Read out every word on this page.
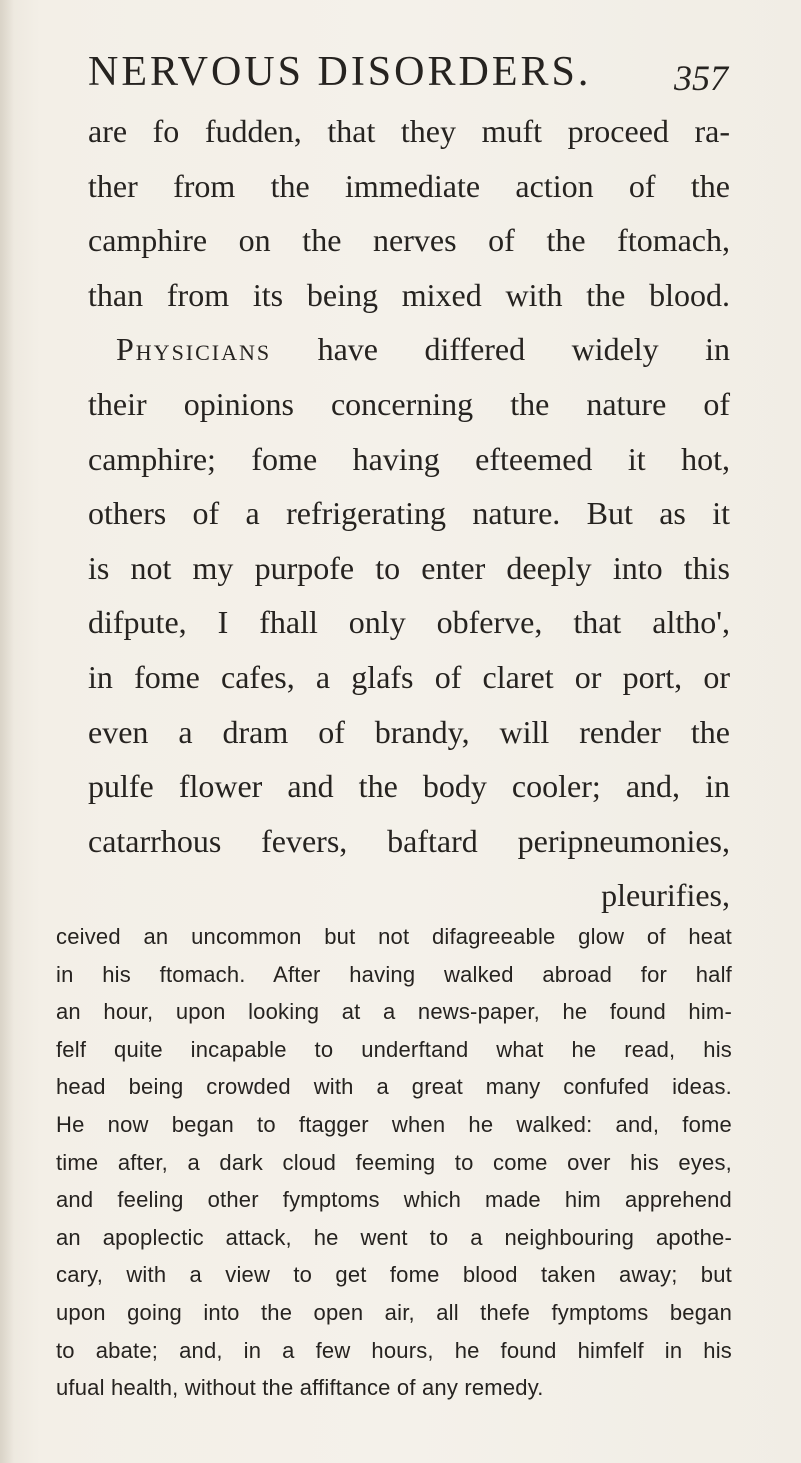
NERVOUS DISORDERS. 357

are fo fudden, that they muft proceed ra-

ther from the immediate action of the

camphire on the nerves of the ftomach,

than from its being mixed with the blood.

Physicians have differed widely in

their opinions concerning the nature of

camphire; fome having efteemed it hot,

others of a refrigerating nature. But as it

is not my purpofe to enter deeply into this

difpute, I fhall only obferve, that altho',

in fome cafes, a glafs of claret or port, or

even a dram of brandy, will render the

pulfe flower and the body cooler; and, in

catarrhous fevers, baftard peripneumonies,

pleurifies,

ceived an uncommon but not difagreeable glow of heat

in his ftomach. After having walked abroad for half

an hour, upon looking at a news-paper, he found him-

felf quite incapable to underftand what he read, his

head being crowded with a great many confufed ideas.

He now began to ftagger when he walked: and, fome

time after, a dark cloud feeming to come over his eyes,

and feeling other fymptoms which made him apprehend

an apoplectic attack, he went to a neighbouring apothe-

cary, with a view to get fome blood taken away; but

upon going into the open air, all thefe fymptoms began

to abate; and, in a few hours, he found himfelf in his

ufual health, without the affiftance of any remedy.
